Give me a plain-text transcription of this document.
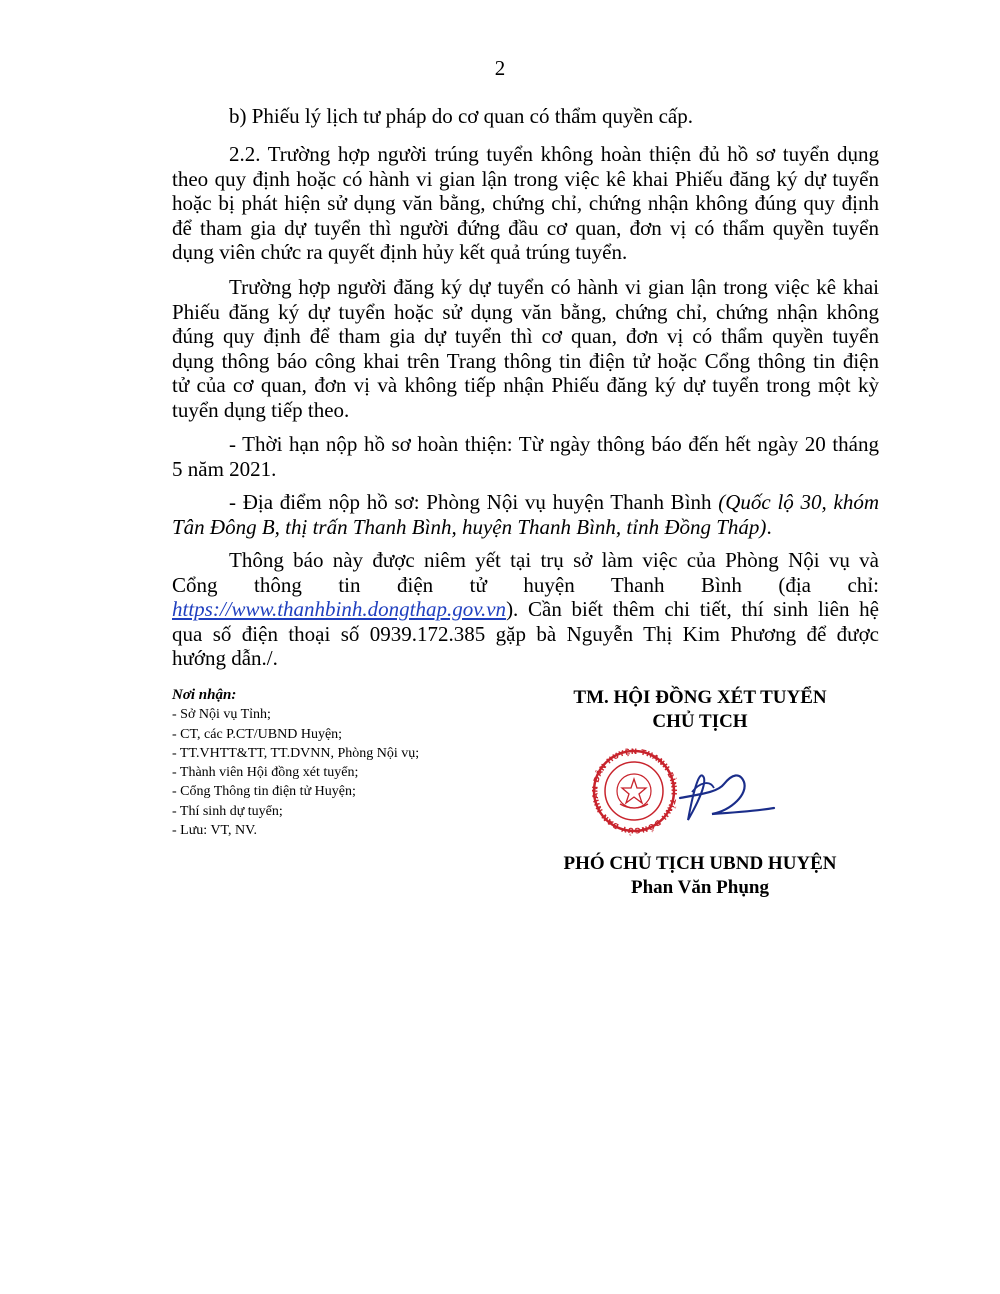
2

b) Phiếu lý lịch tư pháp do cơ quan có thẩm quyền cấp.

2.2. Trường hợp người trúng tuyển không hoàn thiện đủ hồ sơ tuyển dụng
theo quy định hoặc có hành vi gian lận trong việc kê khai Phiếu đăng ký dự tuyển
hoặc bị phát hiện sử dụng văn bằng, chứng chỉ, chứng nhận không đúng quy định
để tham gia dự tuyển thì người đứng đầu cơ quan, đơn vị có thẩm quyền tuyển
dụng viên chức ra quyết định hủy kết quả trúng tuyển.

Trường hợp người đăng ký dự tuyển có hành vi gian lận trong việc kê khai
Phiếu đăng ký dự tuyển hoặc sử dụng văn bằng, chứng chỉ, chứng nhận không
đúng quy định để tham gia dự tuyển thì cơ quan, đơn vị có thẩm quyền tuyển
dụng thông báo công khai trên Trang thông tin điện tử hoặc Cổng thông tin điện
tử của cơ quan, đơn vị và không tiếp nhận Phiếu đăng ký dự tuyển trong một kỳ
tuyển dụng tiếp theo.

- Thời hạn nộp hồ sơ hoàn thiện: Từ ngày thông báo đến hết ngày 20 tháng
5 năm 2021.

- Địa điểm nộp hồ sơ: Phòng Nội vụ huyện Thanh Bình (Quốc lộ 30, khóm
Tân Đông B, thị trấn Thanh Bình, huyện Thanh Bình, tỉnh Đồng Tháp).

Thông báo này được niêm yết tại trụ sở làm việc của Phòng Nội vụ và
Cổng thông tin điện tử huyện Thanh Bình (địa chỉ:
https://www.thanhbinh.dongthap.gov.vn). Cần biết thêm chi tiết, thí sinh liên hệ
qua số điện thoại số 0939.172.385 gặp bà Nguyễn Thị Kim Phương để được
hướng dẫn./.

Nơi nhận:
- Sở Nội vụ Tỉnh;
- CT, các P.CT/UBND Huyện;
- TT.VHTT&TT, TT.DVNN, Phòng Nội vụ;
- Thành viên Hội đồng xét tuyển;
- Cổng Thông tin điện tử Huyện;
- Thí sinh dự tuyển;
- Lưu: VT, NV.
TM. HỘI ĐỒNG XÉT TUYỂN
CHỦ TỊCH
ỦY BAN NH DÂN HUYỆN THANH BÌNH TỈNH ĐỒNG
PHÓ CHỦ TỊCH UBND HUYỆN
Phan Văn Phụng
